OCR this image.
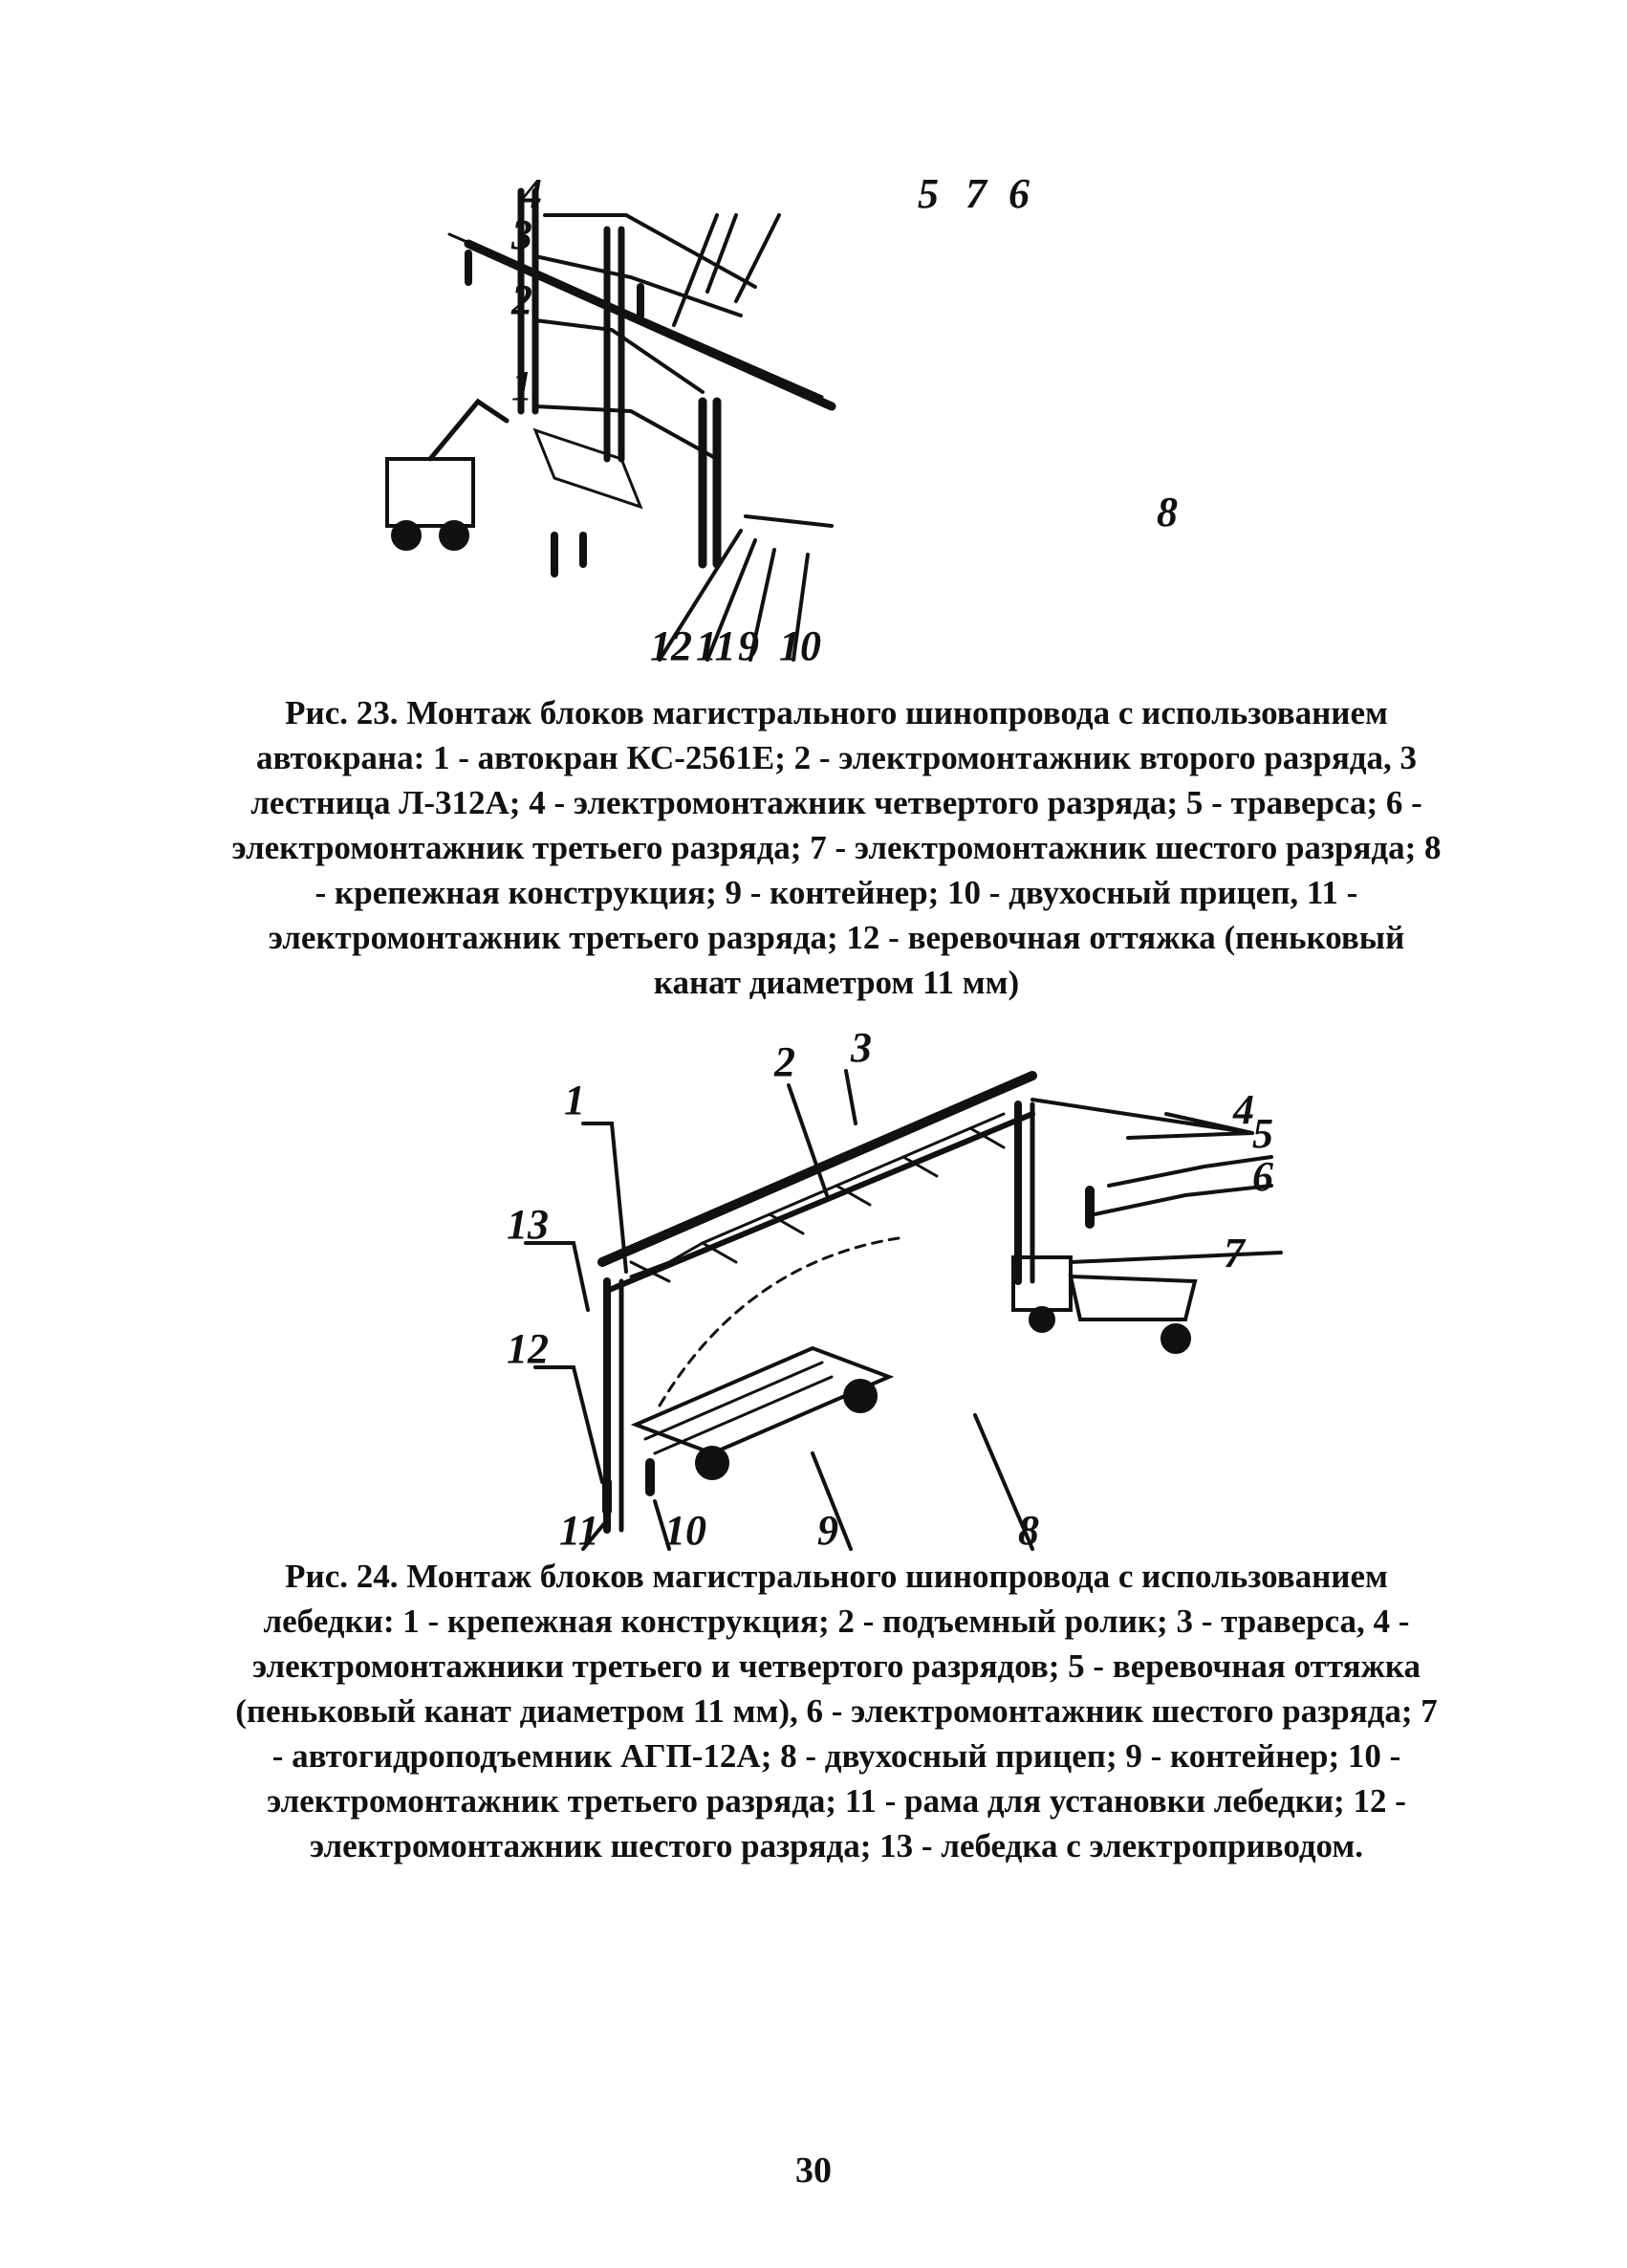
4
3
2
1
5 7 6
8
12 11 9 10
Рис. 23. Монтаж блоков магистрального шинопровода с использованием автокрана: 1 - автокран КС-2561Е; 2 - электромонтажник второго разряда, 3 лестница Л-312А; 4 - электромонтажник четвертого разряда; 5 - траверса; 6 - электромонтажник третьего разряда; 7 - электромонтажник шестого разряда; 8 - крепежная конструкция; 9 - контейнер; 10 - двухосный прицеп, 11 - электромонтажник третьего разряда; 12 - веревочная оттяжка (пеньковый канат диаметром 11 мм)
1
2 3
4
5
6
7
13
12
11 10	9	8
Рис. 24. Монтаж блоков магистрального шинопровода с использованием лебедки: 1 - крепежная конструкция; 2 - подъемный ролик; 3 - траверса, 4 - электромонтажники третьего и четвертого разрядов; 5 - веревочная оттяжка (пеньковый канат диаметром 11 мм), 6 - электромонтажник шестого разряда; 7 - автогидроподъемник АГП-12А; 8 - двухосный прицеп; 9 - контейнер; 10 - электромонтажник третьего разряда; 11 - рама для установки лебедки; 12 - электромонтажник шестого разряда; 13 - лебедка с электроприводом.
30
